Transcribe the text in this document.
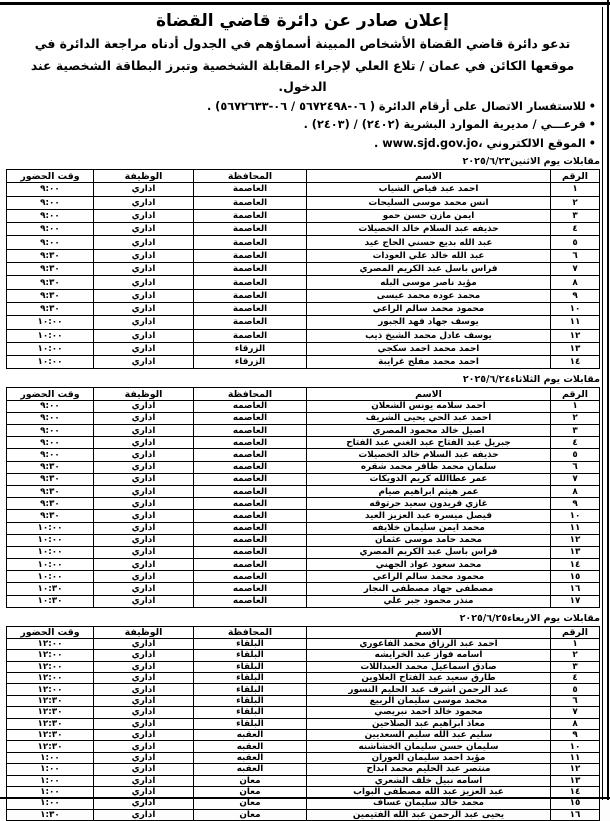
إعلان صادر عن دائرة قاضي القضاة

تدعو دائرة قاضي القضاة الأشخاص المبينة أسماؤهم في الجدول أدناه مراجعة الدائرة في موقعها الكائن في عمان / تلاع العلي لإجراء المقابلة الشخصية وتبرز البطاقة الشخصية عند الدخول.

•للاستفسار الاتصال على أرقام الدائرة ( ٠٦-٥٦٧٢٤٩٨ / ٠٦-٥٦٧٢٦٣٣) .
•فرعـــي / مديرية الموارد البشرية (٢٤٠٢) / (٢٤٠٣) .
•الموقع الالكتروني ،www.sjd.gov.jo .
مقابلات يوم الاثنين٢٠٢٥/٦/٢٣
الرقم	الاسم	المحافظة	الوظيفة	وقت الحضور
١	احمد عبد فياض الشياب	العاصمة	اداري	٩:٠٠
٢	انس محمد موسى السليحات	العاصمة	اداري	٩:٠٠
٣	ايمن مازن حسن حمو	العاصمة	اداري	٩:٠٠
٤	حذيفه عبد السلام خالد الخصيلات	العاصمة	اداري	٩:٠٠
٥	عبد الله بديع حسني الحاج عيد	العاصمة	اداري	٩:٠٠
٦	عبد الله خالد علي العودات	العاصمة	اداري	٩:٣٠
٧	فراس باسل عبد الكريم المصري	العاصمة	اداري	٩:٣٠
٨	مؤيد ناصر موسى البله	العاصمة	اداري	٩:٣٠
٩	محمد عوده محمد عيسى	العاصمة	اداري	٩:٣٠
١٠	محمود محمد سالم الراعي	العاصمة	اداري	٩:٣٠
١١	يوسف جهاد فهد الجبور	العاصمة	اداري	١٠:٠٠
١٢	يوسف عادل محمد الشيخ ذيب	العاصمة	اداري	١٠:٠٠
١٣	احمد محمد احمد سكجي	الزرقاء	اداري	١٠:٠٠
١٤	احمد محمد مفلح غرايبة	الزرقاء	اداري	١٠:٠٠
مقابلات يوم الثلاثاء٢٠٢٥/٦/٢٤
الرقم	الاسم	المحافظة	الوظيفة	وقت الحضور
١	احمد سلامه يونس الشعلان	العاصمه	اداري	٩:٠٠
٢	احمد عبد الحي يحيى الشريف	العاصمه	اداري	٩:٠٠
٣	اصيل خالد محمود المصري	العاصمه	اداري	٩:٠٠
٤	جبريل عبد الفتاح عبد الغني عبد الفتاح	العاصمه	اداري	٩:٠٠
٥	حذيفه عبد السلام خالد الخصيلات	العاصمه	اداري	٩:٠٠
٦	سلمان محمد ظافر محمد شقره	العاصمه	اداري	٩:٣٠
٧	عمر عطاالله كريم الدويكات	العاصمه	اداري	٩:٣٠
٨	عمر هيثم ابراهيم صيام	العاصمه	اداري	٩:٣٠
٩	غازي فريدون سعيد حرتوقه	العاصمه	اداري	٩:٣٠
١٠	فيصل ميسره عبد العزيز العيد	العاصمه	اداري	٩:٣٠
١١	محمد ايمن سليمان خلايفه	العاصمه	اداري	١٠:٠٠
١٢	محمد حامد موسى عثمان	العاصمه	اداري	١٠:٠٠
١٣	فراس باسل عبد الكريم المصري	العاصمه	اداري	١٠:٠٠
١٤	محمد سعود عواد الجهني	العاصمه	اداري	١٠:٠٠
١٥	محمود محمد سالم الراعي	العاصمه	اداري	١٠:٠٠
١٦	مصطفى جهاد مصطفى النجار	العاصمه	اداري	١٠:٣٠
١٧	منذر محمود جبر علي	العاصمه	اداري	١٠:٣٠
مقابلات يوم الاربعاء٢٠٢٥/٦/٢٥
الرقم	الاسم	المحافظة	الوظيفة	وقت الحضور
١	احمد عبد الرزاق محمد الفاعوري	البلقاء	اداري	١٢:٠٠
٢	اسامه فواز عبد الخرايشه	البلقاء	اداري	١٢:٠٠
٣	صادق اسماعيل محمد العبداللات	البلقاء	اداري	١٢:٠٠
٤	طارق سعيد عبد الفتاح العلاوين	البلقاء	اداري	١٢:٠٠
٥	عبد الرحمن اشرف عبد الحليم النسور	البلقاء	اداري	١٢:٠٠
٦	محمد موسى سليمان الربيع	البلقاء	اداري	١٢:٣٠
٧	محمود خالد احمد نبريصي	البلقاء	اداري	١٢:٣٠
٨	معاذ ابراهيم عبد الصلاحين	البلقاء	اداري	١٢:٣٠
٩	سليم عبد الله سليم السعديين	العقبه	اداري	١٢:٣٠
١٠	سليمان حسن سليمان الخشاشنه	العقبه	اداري	١٢:٣٠
١١	مؤيد احمد سليمان العوران	العقبه	اداري	١:٠٠
١٢	منتصر عبد الحليم محمد ابداح	العقبه	اداري	١:٠٠
١٣	اسامه نبيل خلف الشعري	معان	اداري	١:٠٠
١٤	عبد العزيز عبد الله مصطفى البواب	معان	اداري	١:٠٠
١٥	محمد خالد سليمان عساف	معان	اداري	١:٠٠
١٦	يحيى عبد الرحمن عبد الله الفتيمين	معان	اداري	١:٣٠
